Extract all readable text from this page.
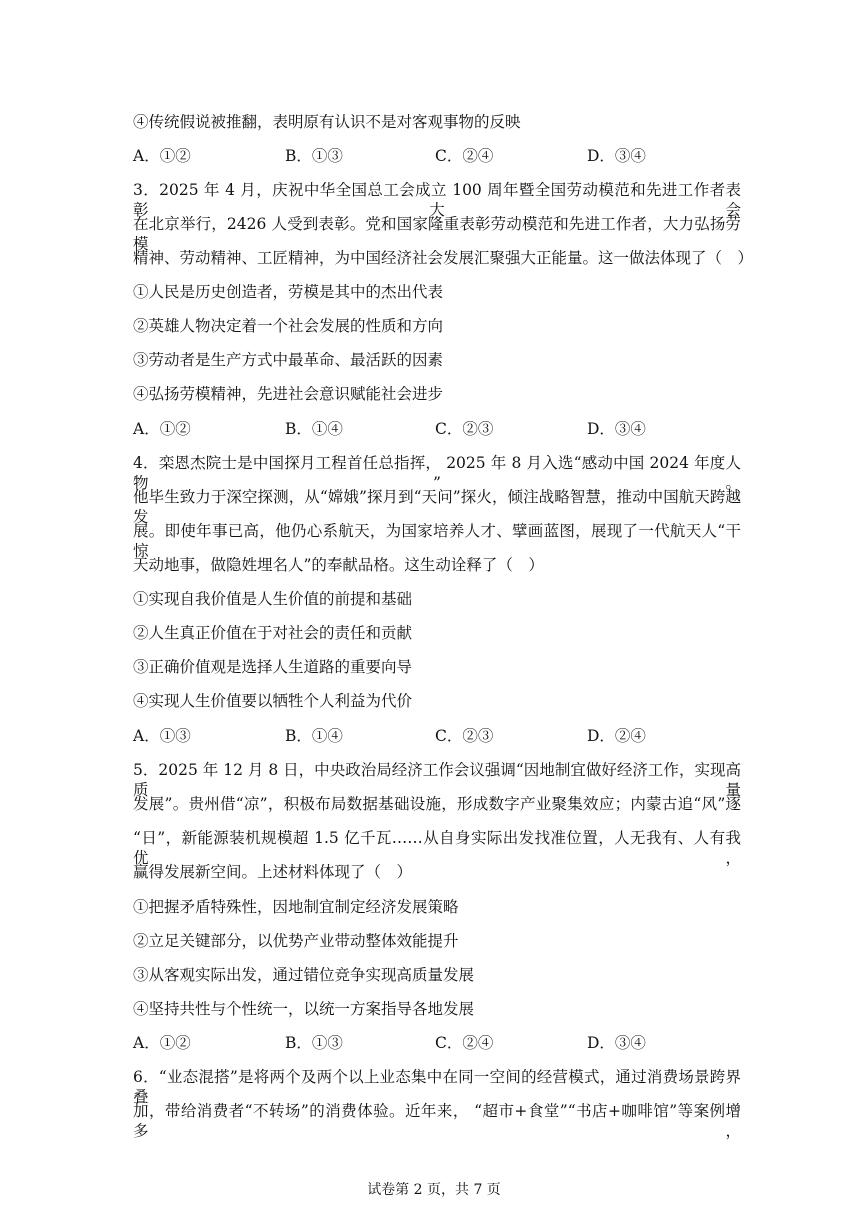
④传统假说被推翻，表明原有认识不是对客观事物的反映
A．①②	B．①③	C．②④	D．③④
3．2025 年 4 月，庆祝中华全国总工会成立 100 周年暨全国劳动模范和先进工作者表彰大会
在北京举行，2426 人受到表彰。党和国家隆重表彰劳动模范和先进工作者，大力弘扬劳模
精神、劳动精神、工匠精神，为中国经济社会发展汇聚强大正能量。这一做法体现了（　）
①人民是历史创造者，劳模是其中的杰出代表
②英雄人物决定着一个社会发展的性质和方向
③劳动者是生产方式中最革命、最活跃的因素
④弘扬劳模精神，先进社会意识赋能社会进步
A．①②	B．①④	C．②③	D．③④
4．栾恩杰院士是中国探月工程首任总指挥， 2025 年 8 月入选“感动中国 2024 年度人物”。
他毕生致力于深空探测，从“嫦娥”探月到“天问”探火，倾注战略智慧，推动中国航天跨越发
展。即使年事已高，他仍心系航天，为国家培养人才、擘画蓝图，展现了一代航天人“干惊
天动地事，做隐姓埋名人”的奉献品格。这生动诠释了（　）
①实现自我价值是人生价值的前提和基础
②人生真正价值在于对社会的责任和贡献
③正确价值观是选择人生道路的重要向导
④实现人生价值要以牺牲个人利益为代价
A．①③	B．①④	C．②③	D．②④
5．2025 年 12 月 8 日，中央政治局经济工作会议强调“因地制宜做好经济工作，实现高质量
发展”。贵州借“凉”，积极布局数据基础设施，形成数字产业聚集效应；内蒙古追“风”逐
“日”，新能源装机规模超 1.5 亿千瓦……从自身实际出发找准位置，人无我有、人有我优，
赢得发展新空间。上述材料体现了（　）
①把握矛盾特殊性，因地制宜制定经济发展策略
②立足关键部分，以优势产业带动整体效能提升
③从客观实际出发，通过错位竞争实现高质量发展
④坚持共性与个性统一，以统一方案指导各地发展
A．①②	B．①③	C．②④	D．③④
6．“业态混搭”是将两个及两个以上业态集中在同一空间的经营模式，通过消费场景跨界叠
加，带给消费者“不转场”的消费体验。近年来， “超市+食堂”“书店+咖啡馆”等案例增多，
试卷第 2 页，共 7 页
